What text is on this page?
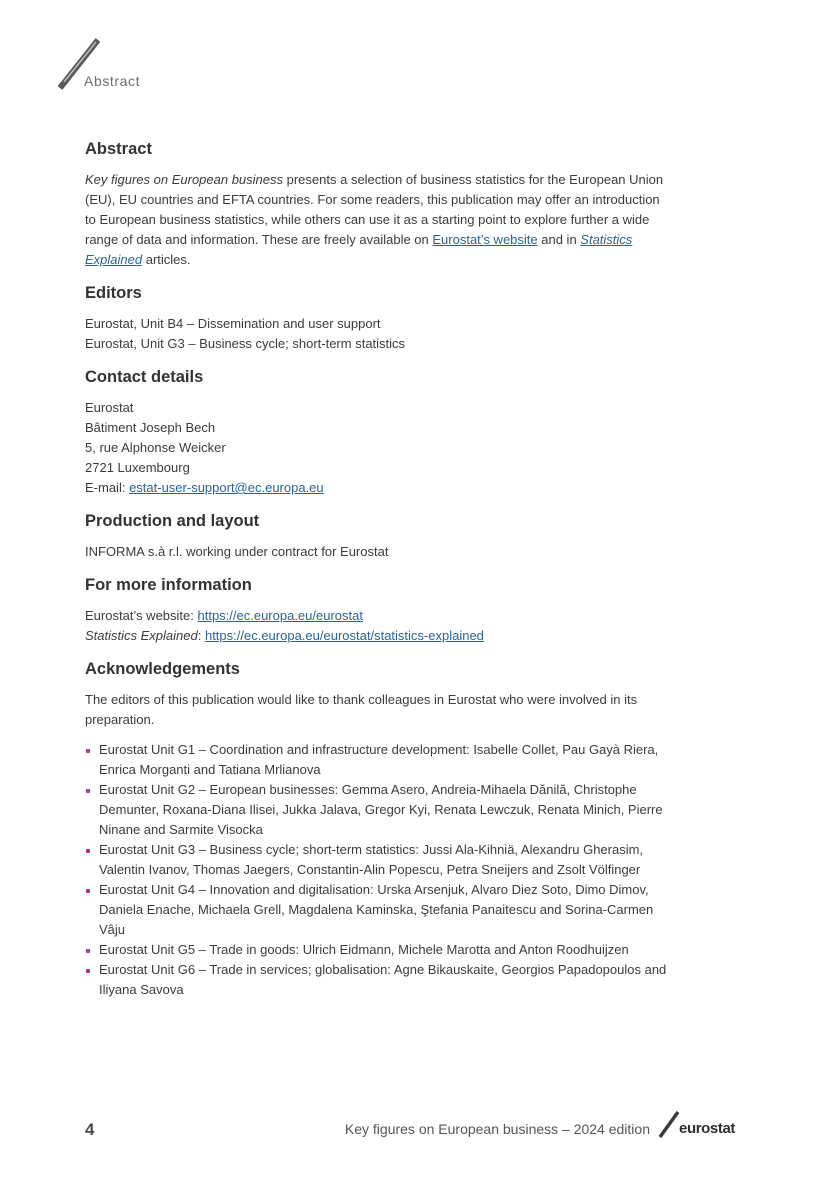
Abstract
Abstract

Key figures on European business presents a selection of business statistics for the European Union
(EU), EU countries and EFTA countries. For some readers, this publication may offer an introduction
to European business statistics, while others can use it as a starting point to explore further a wide
range of data and information. These are freely available on Eurostat’s website and in Statistics
Explained articles.

Editors

Eurostat, Unit B4 – Dissemination and user support
Eurostat, Unit G3 – Business cycle; short-term statistics

Contact details

Eurostat
Bâtiment Joseph Bech
5, rue Alphonse Weicker
2721 Luxembourg
E-mail: estat-user-support@ec.europa.eu

Production and layout

INFORMA s.à r.l. working under contract for Eurostat

For more information

Eurostat’s website: https://ec.europa.eu/eurostat
Statistics Explained: https://ec.europa.eu/eurostat/statistics-explained

Acknowledgements

The editors of this publication would like to thank colleagues in Eurostat who were involved in its
preparation.

Eurostat Unit G1 – Coordination and infrastructure development: Isabelle Collet, Pau Gayà Riera,
Enrica Morganti and Tatiana Mrlianova
Eurostat Unit G2 – European businesses: Gemma Asero, Andreia-Mihaela Dănilă, Christophe
Demunter, Roxana-Diana Ilisei, Jukka Jalava, Gregor Kyi, Renata Lewczuk, Renata Minich, Pierre
Ninane and Sarmite Visocka
Eurostat Unit G3 – Business cycle; short-term statistics: Jussi Ala-Kihniä, Alexandru Gherasim,
Valentin Ivanov, Thomas Jaegers, Constantin-Alin Popescu, Petra Sneijers and Zsolt Völfinger
Eurostat Unit G4 – Innovation and digitalisation: Urska Arsenjuk, Alvaro Diez Soto, Dimo Dimov,
Daniela Enache, Michaela Grell, Magdalena Kaminska, Ştefania Panaitescu and Sorina-Carmen Vâju
Eurostat Unit G5 – Trade in goods: Ulrich Eidmann, Michele Marotta and Anton Roodhuijzen
Eurostat Unit G6 – Trade in services; globalisation: Agne Bikauskaite, Georgios Papadopoulos and
Iliyana Savova
4	Key figures on European business – 2024 edition eurostat
